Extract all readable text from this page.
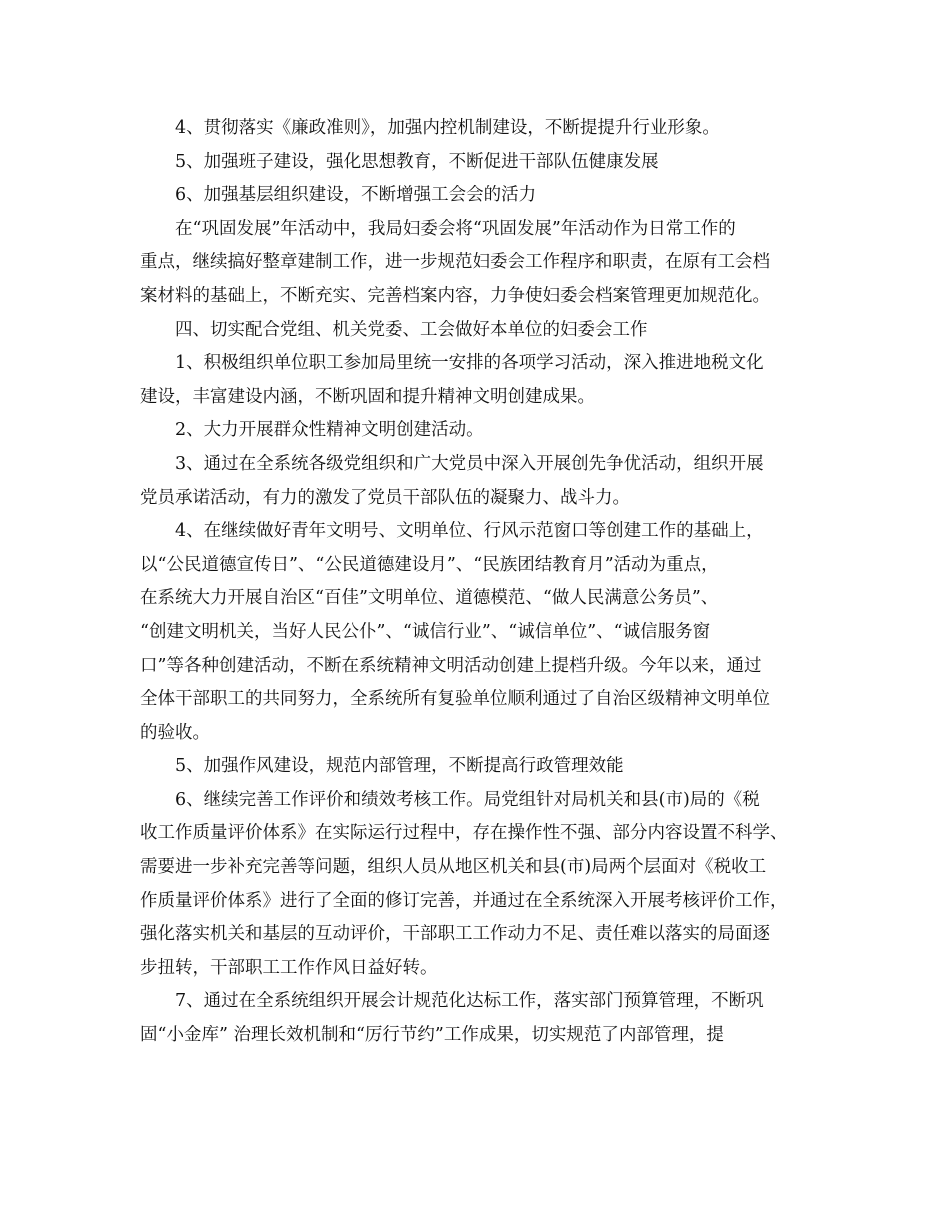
4、贯彻落实《廉政准则》，加强内控机制建设，不断提提升行业形象。
5、加强班子建设，强化思想教育，不断促进干部队伍健康发展
6、加强基层组织建设，不断增强工会会的活力
在“巩固发展”年活动中，我局妇委会将“巩固发展”年活动作为日常工作的
重点，继续搞好整章建制工作，进一步规范妇委会工作程序和职责，在原有工会档
案材料的基础上，不断充实、完善档案内容，力争使妇委会档案管理更加规范化。
四、切实配合党组、机关党委、工会做好本单位的妇委会工作
1、积极组织单位职工参加局里统一安排的各项学习活动，深入推进地税文化
建设，丰富建设内涵，不断巩固和提升精神文明创建成果。
2、大力开展群众性精神文明创建活动。
3、通过在全系统各级党组织和广大党员中深入开展创先争优活动，组织开展
党员承诺活动，有力的激发了党员干部队伍的凝聚力、战斗力。
4、在继续做好青年文明号、文明单位、行风示范窗口等创建工作的基础上，
以“公民道德宣传日”、“公民道德建设月”、“民族团结教育月”活动为重点，
在系统大力开展自治区“百佳”文明单位、道德模范、“做人民满意公务员”、
“创建文明机关，当好人民公仆”、“诚信行业”、“诚信单位”、“诚信服务窗
口”等各种创建活动，不断在系统精神文明活动创建上提档升级。今年以来，通过
全体干部职工的共同努力，全系统所有复验单位顺利通过了自治区级精神文明单位
的验收。
5、加强作风建设，规范内部管理，不断提高行政管理效能
6、继续完善工作评价和绩效考核工作。局党组针对局机关和县(市)局的《税
收工作质量评价体系》在实际运行过程中，存在操作性不强、部分内容设置不科学、
需要进一步补充完善等问题，组织人员从地区机关和县(市)局两个层面对《税收工
作质量评价体系》进行了全面的修订完善，并通过在全系统深入开展考核评价工作，
强化落实机关和基层的互动评价，干部职工工作动力不足、责任难以落实的局面逐
步扭转，干部职工工作作风日益好转。
7、通过在全系统组织开展会计规范化达标工作，落实部门预算管理，不断巩
固“小金库” 治理长效机制和“厉行节约”工作成果，切实规范了内部管理，提
